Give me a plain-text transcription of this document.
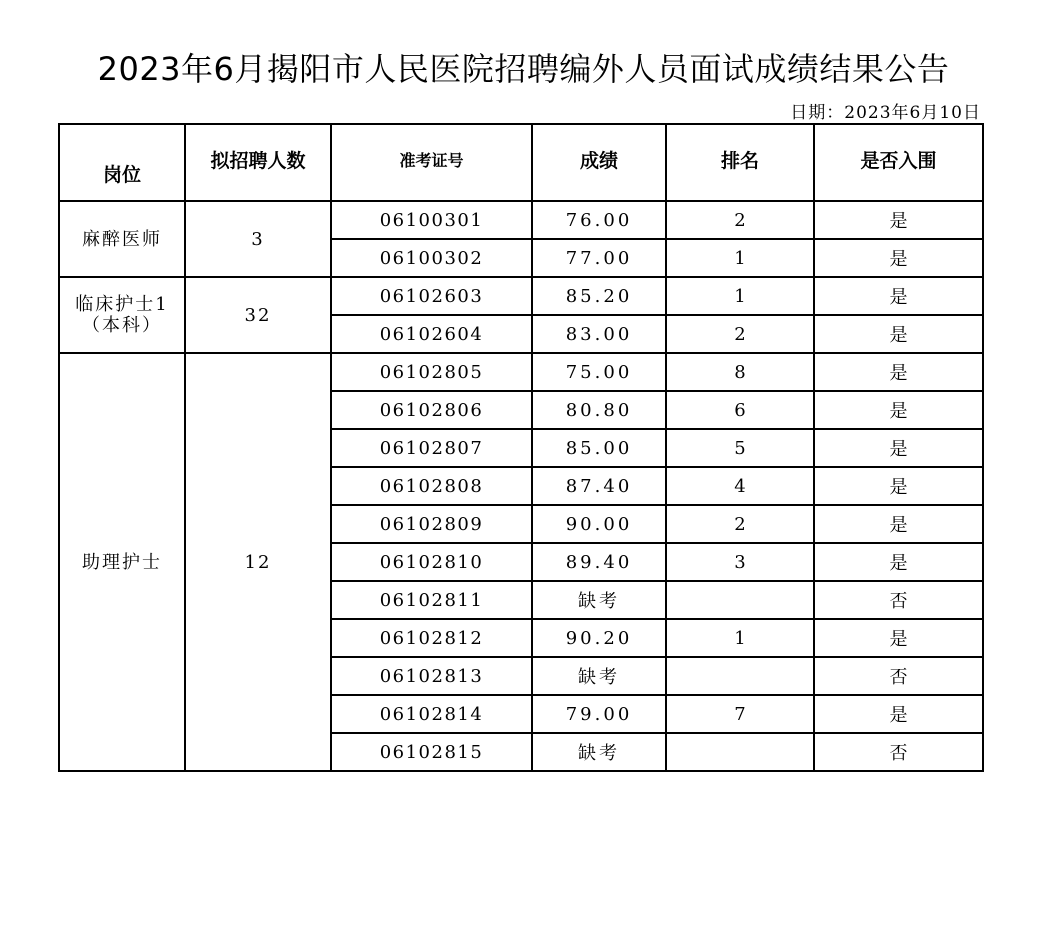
2023年6月揭阳市人民医院招聘编外人员面试成绩结果公告
日期：2023年6月10日
岗位	拟招聘人数	准考证号	成绩	排名	是否入围
麻醉医师	3	06100301	76.00	2	是
		06100302	77.00	1	是
临床护士1
（本科）	32	06102603	85.20	1	是
		06102604	83.00	2	是
助理护士	12	06102805	75.00	8	是
		06102806	80.80	6	是
		06102807	85.00	5	是
		06102808	87.40	4	是
		06102809	90.00	2	是
		06102810	89.40	3	是
		06102811	缺考		否
		06102812	90.20	1	是
		06102813	缺考		否
		06102814	79.00	7	是
		06102815	缺考		否
